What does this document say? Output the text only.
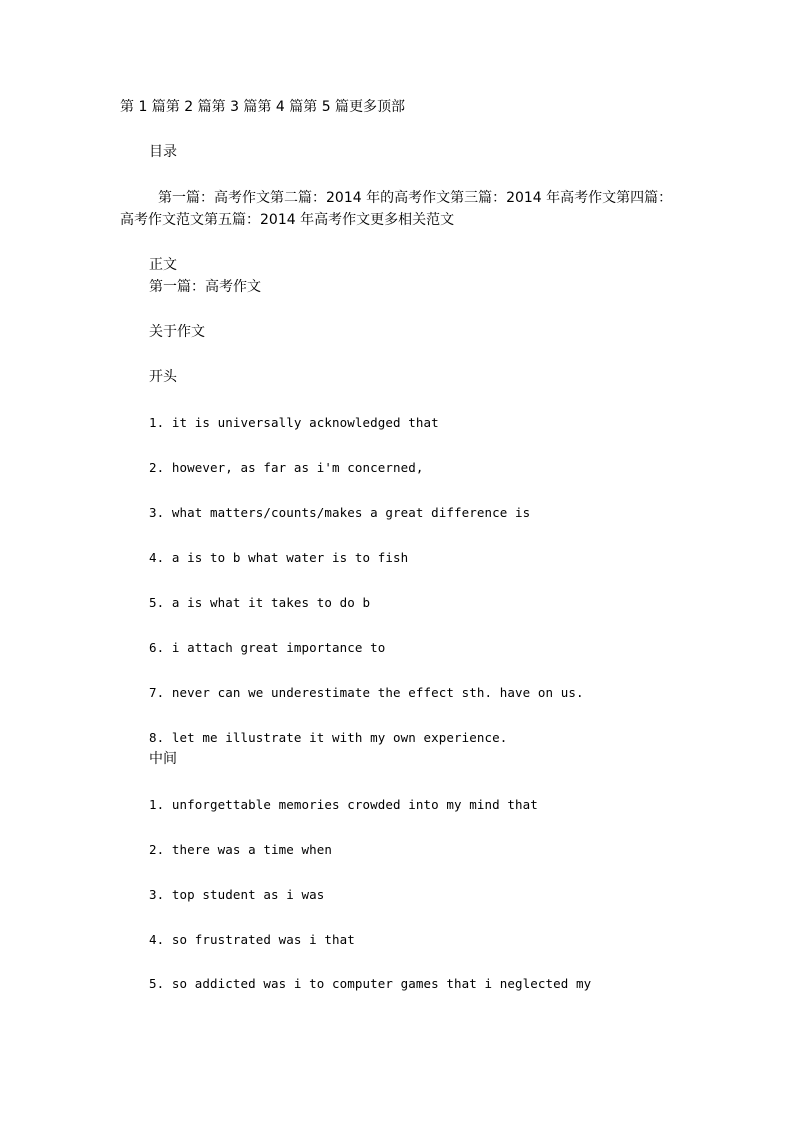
第 1 篇第 2 篇第 3 篇第 4 篇第 5 篇更多顶部
目录
第一篇：高考作文第二篇：2014 年的高考作文第三篇：2014 年高考作文第四篇：
高考作文范文第五篇：2014 年高考作文更多相关范文
正文
第一篇：高考作文
关于作文
开头
1. it is universally acknowledged that
2. however, as far as i'm concerned,
3. what matters/counts/makes a great difference is
4. a is to b what water is to fish
5. a is what it takes to do b
6. i attach great importance to
7. never can we underestimate the effect sth. have on us.
8. let me illustrate it with my own experience.
中间
1. unforgettable memories crowded into my mind that
2. there was a time when
3. top student as i was
4. so frustrated was i that
5. so addicted was i to computer games that i neglected my
